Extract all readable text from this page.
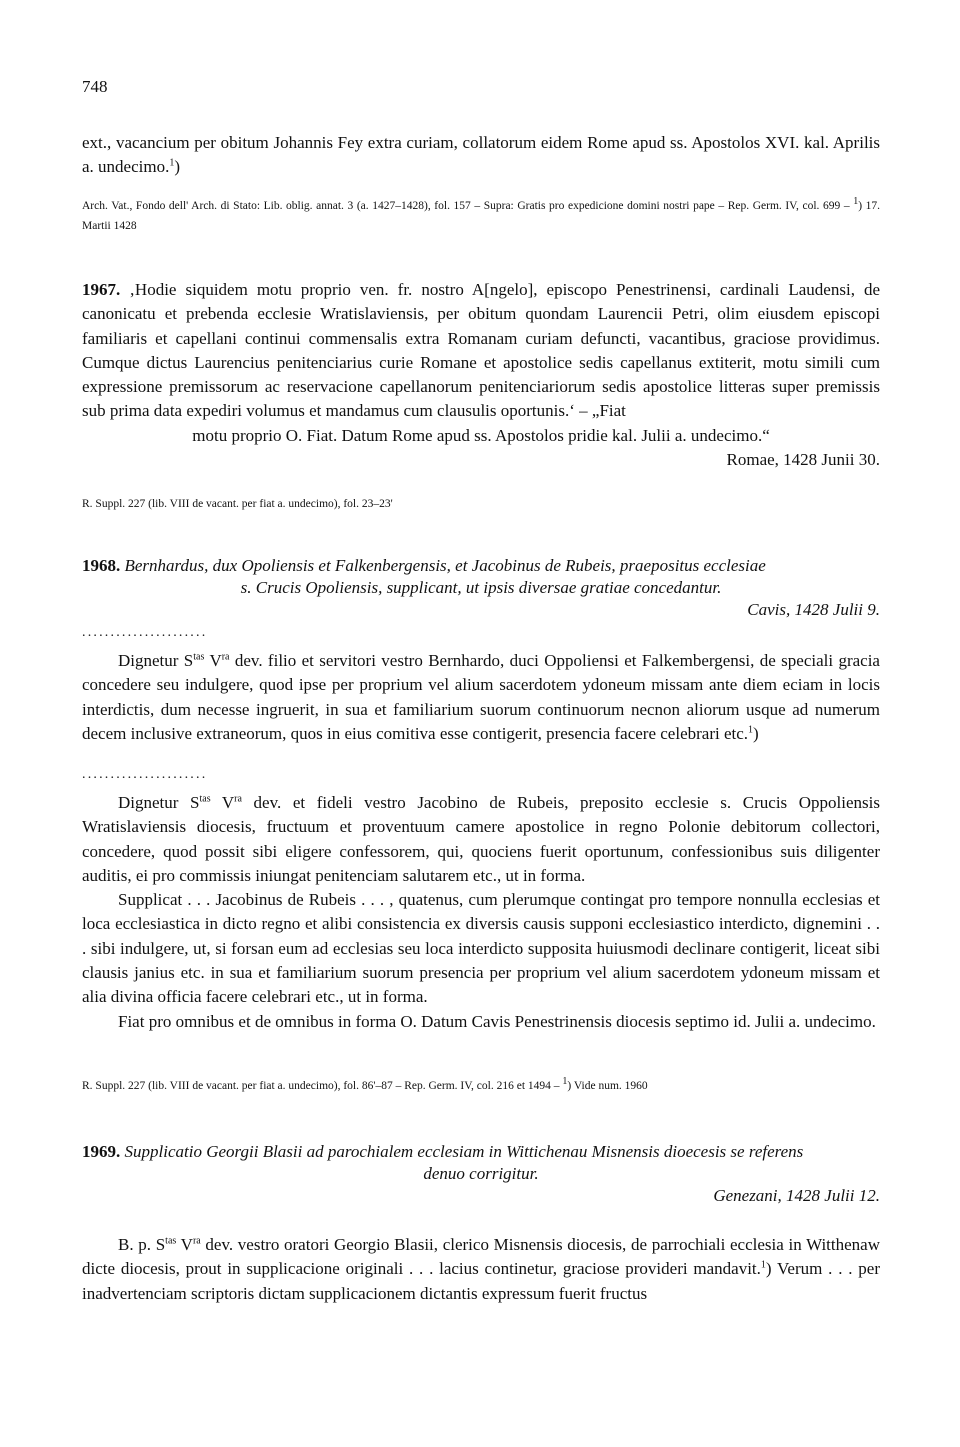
748

ext., vacancium per obitum Johannis Fey extra curiam, collatorum eidem Rome apud ss. Apostolos XVI. kal. Aprilis a. undecimo.$^1$)

Arch. Vat., Fondo dell' Arch. di Stato: Lib. oblig. annat. 3 (a. 1427–1428), fol. 157 – Supra: Gratis pro expedicione domini nostri pape – Rep. Germ. IV, col. 699 – $^1$) 17. Martii 1428

1967. ‚Hodie siquidem motu proprio ven. fr. nostro A[ngelo], episcopo Penestrinensi, cardinali Laudensi, de canonicatu et prebenda ecclesie Wratislaviensis, per obitum quondam Laurencii Petri, olim eiusdem episcopi familiaris et capellani continui commensalis extra Romanam curiam defuncti, vacantibus, graciose providimus. Cumque dictus Laurencius penitenciarius curie Romane et apostolice sedis capellanus extiterit, motu simili cum expressione premissorum ac reservacione capellanorum penitenciariorum sedis apostolice litteras super premissis sub prima data expediri volumus et mandamus cum clausulis oportunis.‘ – „Fiat

motu proprio O. Fiat. Datum Rome apud ss. Apostolos pridie kal. Julii a. undecimo.“

Romae, 1428 Junii 30.

R. Suppl. 227 (lib. VIII de vacant. per fiat a. undecimo), fol. 23–23'

1968. Bernhardus, dux Opoliensis et Falkenbergensis, et Jacobinus de Rubeis, praepositus ecclesiae

s. Crucis Opoliensis, supplicant, ut ipsis diversae gratiae concedantur.

Cavis, 1428 Julii 9.

......................

Dignetur $S^{tas}$ $V^{ra}$ dev. filio et servitori vestro Bernhardo, duci Oppoliensi et Falkembergensi, de speciali gracia concedere seu indulgere, quod ipse per proprium vel alium sacerdotem ydoneum missam ante diem eciam in locis interdictis, dum necesse ingruerit, in sua et familiarium suorum continuorum necnon aliorum usque ad numerum decem inclusive extraneorum, quos in eius comitiva esse contigerit, presencia facere celebrari etc.$^1$)

......................

Dignetur $S^{tas}$ $V^{ra}$ dev. et fideli vestro Jacobino de Rubeis, preposito ecclesie s. Crucis Oppoliensis Wratislaviensis diocesis, fructuum et proventuum camere apostolice in regno Polonie debitorum collectori, concedere, quod possit sibi eligere confessorem, qui, quociens fuerit oportunum, confessionibus suis diligenter auditis, ei pro commissis iniungat penitenciam salutarem etc., ut in forma.

Supplicat . . . Jacobinus de Rubeis . . . , quatenus, cum plerumque contingat pro tempore nonnulla ecclesias et loca ecclesiastica in dicto regno et alibi consistencia ex diversis causis supponi ecclesiastico interdicto, dignemini . . . sibi indulgere, ut, si forsan eum ad ecclesias seu loca interdicto supposita huiusmodi declinare contigerit, liceat sibi clausis janius etc. in sua et familiarium suorum presencia per proprium vel alium sacerdotem ydoneum missam et alia divina officia facere celebrari etc., ut in forma.

Fiat pro omnibus et de omnibus in forma O. Datum Cavis Penestrinensis diocesis septimo id. Julii a. undecimo.

R. Suppl. 227 (lib. VIII de vacant. per fiat a. undecimo), fol. 86'–87 – Rep. Germ. IV, col. 216 et 1494 – $^1$) Vide num. 1960

1969. Supplicatio Georgii Blasii ad parochialem ecclesiam in Wittichenau Misnensis dioecesis se referens

denuo corrigitur.

Genezani, 1428 Julii 12.

B. p. $S^{tas}$ $V^{ra}$ dev. vestro oratori Georgio Blasii, clerico Misnensis diocesis, de parrochiali ecclesia in Witthenaw dicte diocesis, prout in supplicacione originali . . . lacius continetur, graciose provideri mandavit.$^1$) Verum . . . per inadvertenciam scriptoris dictam supplicacionem dictantis expressum fuerit fructus
